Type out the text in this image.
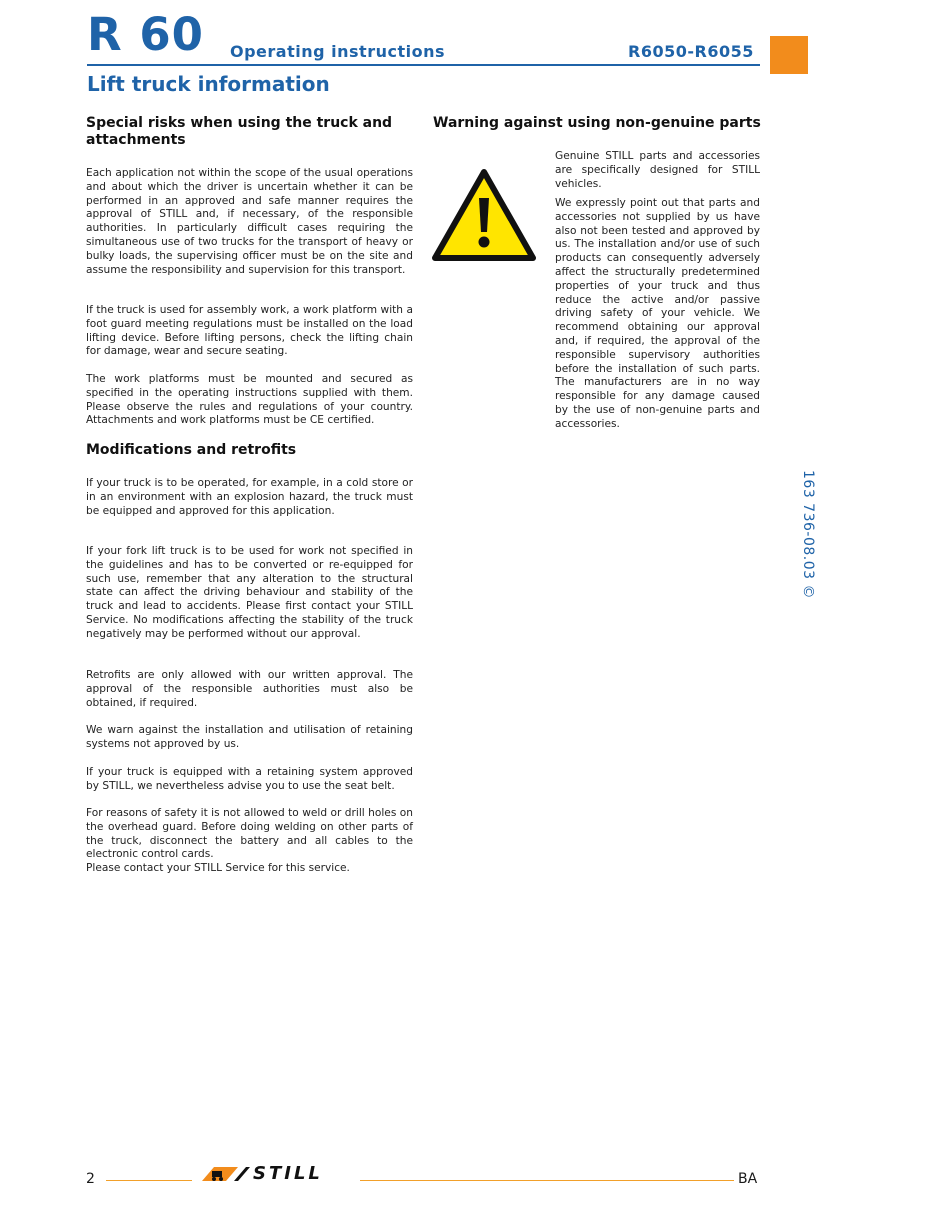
R 60 Operating instructions	R6050-R6055
Lift truck information
Special risks when using the truck and attachments

Each application not within the scope of the usual operations and about which the driver is uncertain whether it can be performed in an approved and safe manner requires the approval of STILL and, if necessary, of the responsible authorities. In particularly difficult cases requiring the simultaneous use of two trucks for the transport of heavy or bulky loads, the supervising officer must be on the site and assume the responsibility and supervision for this transport.

If the truck is used for assembly work, a work platform with a foot guard meeting regulations must be installed on the load lifting device. Before lifting persons, check the lifting chain for damage, wear and secure seating.

The work platforms must be mounted and secured as specified in the operating instructions supplied with them. Please observe the rules and regulations of your country. Attachments and work platforms must be CE certified.

Modifications and retrofits

If your truck is to be operated, for example, in a cold store or in an environment with an explosion hazard, the truck must be equipped and approved for this application.

If your fork lift truck is to be used for work not specified in the guidelines and has to be converted or re-equipped for such use, remember that any alteration to the structural state can affect the driving behaviour and stability of the truck and lead to accidents. Please first contact your STILL Service. No modifications affecting the stability of the truck negatively may be performed without our approval.

Retrofits are only allowed with our written approval. The approval of the responsible authorities must also be obtained, if required.

We warn against the installation and utilisation of retaining systems not approved by us.

If your truck is equipped with a retaining system approved by STILL, we nevertheless advise you to use the seat belt.

For reasons of safety it is not allowed to weld or drill holes on the overhead guard. Before doing welding on other parts of the truck, disconnect the battery and all cables to the electronic control cards.

Please contact your STILL Service for this service.

Warning against using non-genuine parts

Genuine STILL parts and accessories are specifically designed for STILL vehicles.

We expressly point out that parts and accessories not supplied by us have also not been tested and approved by us. The installation and/or use of such products can consequently adversely affect the structurally predetermined properties of your truck and thus reduce the active and/or passive driving safety of your vehicle. We recommend obtaining our approval and, if required, the approval of the responsible supervisory authorities before the installation of such parts. The manufacturers are in no way responsible for any damage caused by the use of non-genuine parts and accessories.

163 736-08.03 ©
2	STILL	BA
